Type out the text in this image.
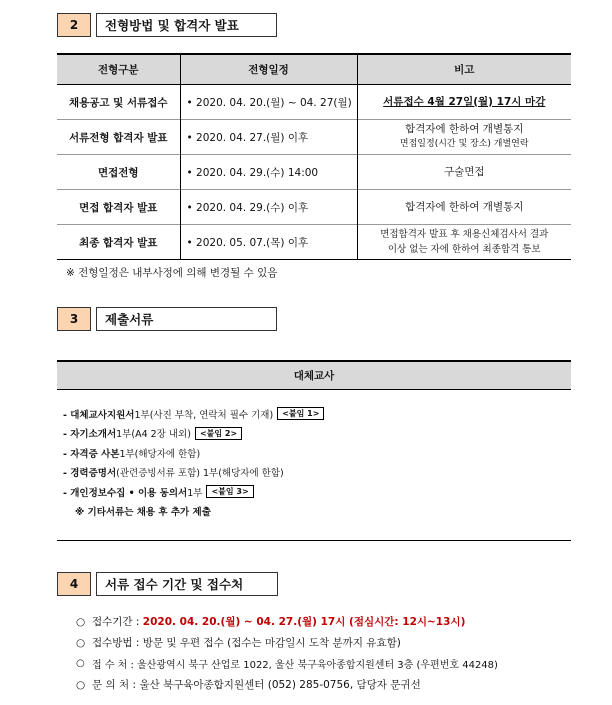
2	전형방법 및 합격자 발표
전형구분	전형일정	비고
채용공고 및 서류접수	• 2020. 04. 20.(월) ~ 04. 27(월)	서류접수 4월 27일(월) 17시 마감
서류전형 합격자 발표	• 2020. 04. 27.(월) 이후	합격자에 한하여 개별통지
면접일정(시간 및 장소) 개별연락

면접전형	• 2020. 04. 29.(수) 14:00	구술면접
면접 합격자 발표	• 2020. 04. 29.(수) 이후	합격자에 한하여 개별통지
최종 합격자 발표	• 2020. 05. 07.(목) 이후	면접합격자 발표 후 채용신체검사서 결과
이상 없는 자에 한하여 최종합격 통보
※ 전형일정은 내부사정에 의해 변경될 수 있음
3	제출서류
대체교사
- 대체교사지원서 1부(사진 부착, 연락처 필수 기재)	<붙임 1>
- 자기소개서 1부(A4 2장 내외)	<붙임 2>
- 자격증 사본 1부(해당자에 한함)
- 경력증명서 (관련증빙서류 포함) 1부(해당자에 한함)
- 개인정보수집 • 이용 동의서 1부	<붙임 3>
※ 기타서류는 채용 후 추가 제출
4	서류 접수 기간 및 접수처
○ 접수기간 :
2020. 04. 20.(월) ~ 04. 27.(월) 17시 (점심시간: 12시~13시)
○ 접수방법 :
방문 및 우편 접수 (접수는 마감일시 도착 분까지 유효함)
○ 접 수 처 :
울산광역시 북구 산업로 1022, 울산 북구육아종합지원센터 3층 (우편번호 44248)
○ 문 의 처 :
울산 북구육아종합지원센터 (052) 285-0756, 담당자 문귀선
